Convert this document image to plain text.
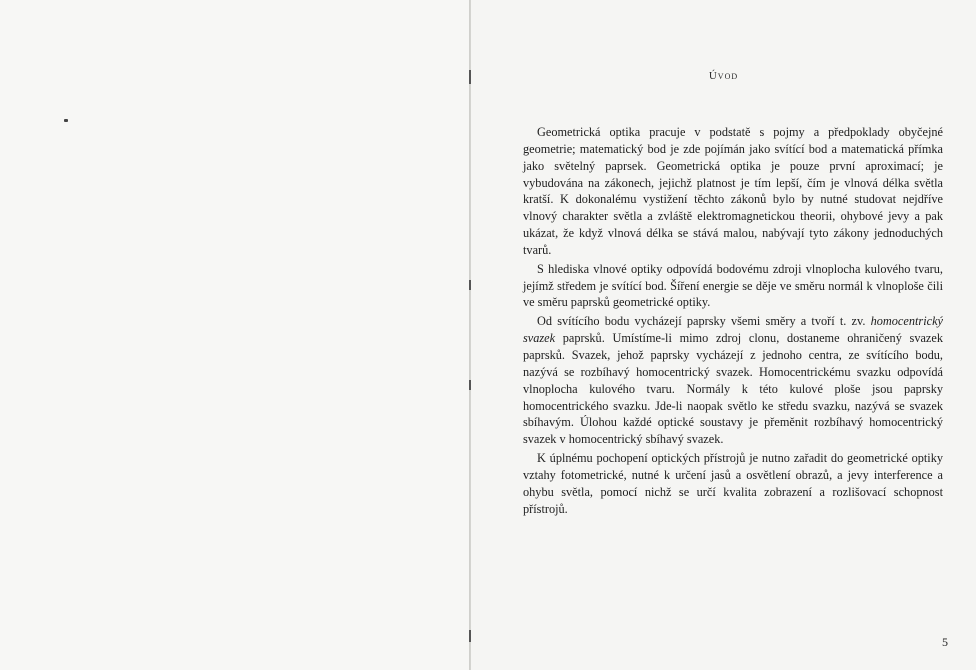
Úvod

Geometrická optika pracuje v podstatě s pojmy a předpoklady obyčejné geometrie; matematický bod je zde pojímán jako svítící bod a matematická přímka jako světelný paprsek. Geometrická optika je pouze první aproximací; je vybudována na zákonech, jejichž platnost je tím lepší, čím je vlnová délka světla kratší. K dokonalému vystižení těchto zákonů bylo by nutné studovat nejdříve vlnový charakter světla a zvláště elektromagnetickou theorii, ohybové jevy a pak ukázat, že když vlnová délka se stává malou, nabývají tyto zákony jednoduchých tvarů.

S hlediska vlnové optiky odpovídá bodovému zdroji vlnoplocha kulového tvaru, jejímž středem je svítící bod. Šíření energie se děje ve směru normál k vlnoploše čili ve směru paprsků geometrické optiky.

Od svítícího bodu vycházejí paprsky všemi směry a tvoří t. zv. homocentrický svazek paprsků. Umístíme-li mimo zdroj clonu, dostaneme ohraničený svazek paprsků. Svazek, jehož paprsky vycházejí z jednoho centra, ze svítícího bodu, nazývá se rozbíhavý homocentrický svazek. Homocentrickému svazku odpovídá vlnoplocha kulového tvaru. Normály k této kulové ploše jsou paprsky homocentrického svazku. Jde-li naopak světlo ke středu svazku, nazývá se svazek sbíhavým. Úlohou každé optické soustavy je přeměnit rozbíhavý homocentrický svazek v homocentrický sbíhavý svazek.

K úplnému pochopení optických přístrojů je nutno zařadit do geometrické optiky vztahy fotometrické, nutné k určení jasů a osvětlení obrazů, a jevy interference a ohybu světla, pomocí nichž se určí kvalita zobrazení a rozlišovací schopnost přístrojů.

5
